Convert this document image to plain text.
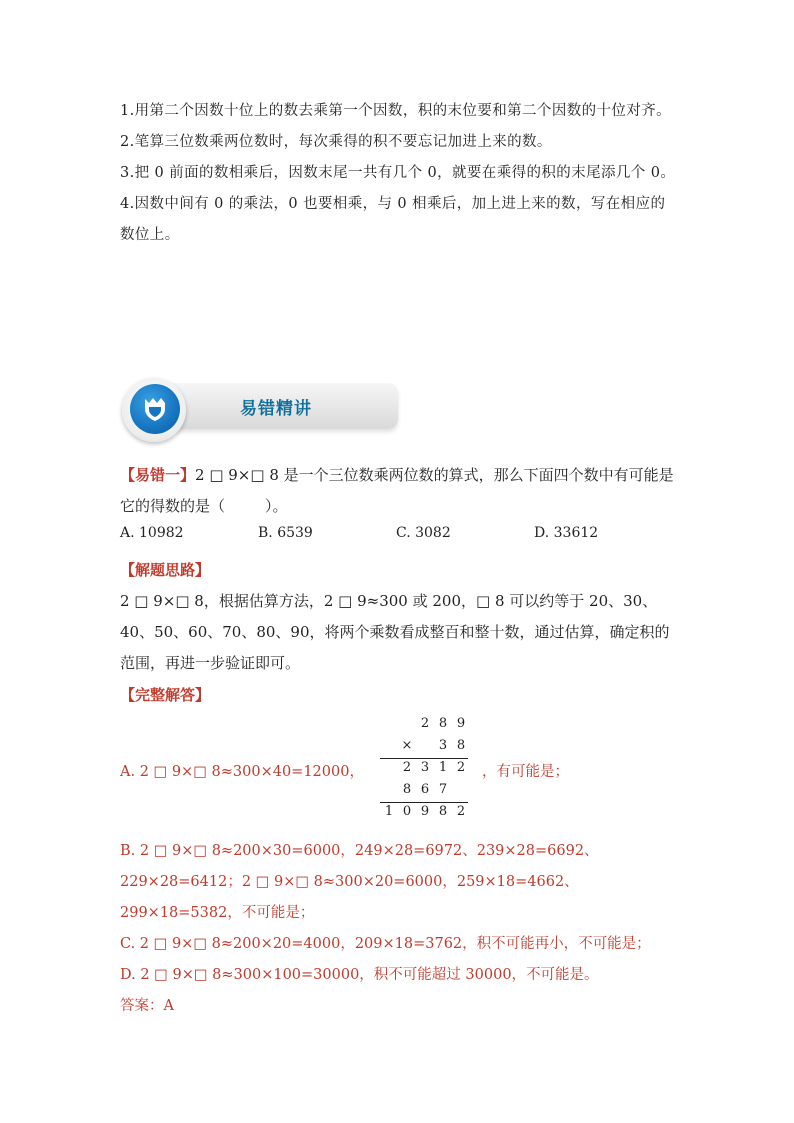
1.用第二个因数十位上的数去乘第一个因数，积的末位要和第二个因数的十位对齐。

2.笔算三位数乘两位数时，每次乘得的积不要忘记加进上来的数。

3.把 0 前面的数相乘后，因数末尾一共有几个 0，就要在乘得的积的末尾添几个 0。

4.因数中间有 0 的乘法，0 也要相乘，与 0 相乘后，加上进上来的数，写在相应的数位上。

易错精讲

【易错一】2 □ 9×□ 8 是一个三位数乘两位数的算式，那么下面四个数中有可能是它的得数的是（	）。

A. 10982	B. 6539	C. 3082	D. 33612

【解题思路】

2 □ 9×□ 8，根据估算方法，2 □ 9≈300 或 200，□ 8 可以约等于 20、30、40、50、60、70、80、90，将两个乘数看成整百和整十数，通过估算，确定积的范围，再进一步验证即可。

【完整解答】

A. 2 □ 9×□ 8≈300×40=12000，	，有可能是；
2 8 9
×	3 8
2 3 1 2
8 6 7
1 0 9 8 2

B. 2 □ 9×□ 8≈200×30=6000，249×28=6972、239×28=6692、229×28=6412；2 □ 9×□ 8≈300×20=6000，259×18=4662、299×18=5382，不可能是；

C. 2 □ 9×□ 8≈200×20=4000，209×18=3762，积不可能再小，不可能是；

D. 2 □ 9×□ 8≈300×100=30000，积不可能超过 30000，不可能是。

答案：A
